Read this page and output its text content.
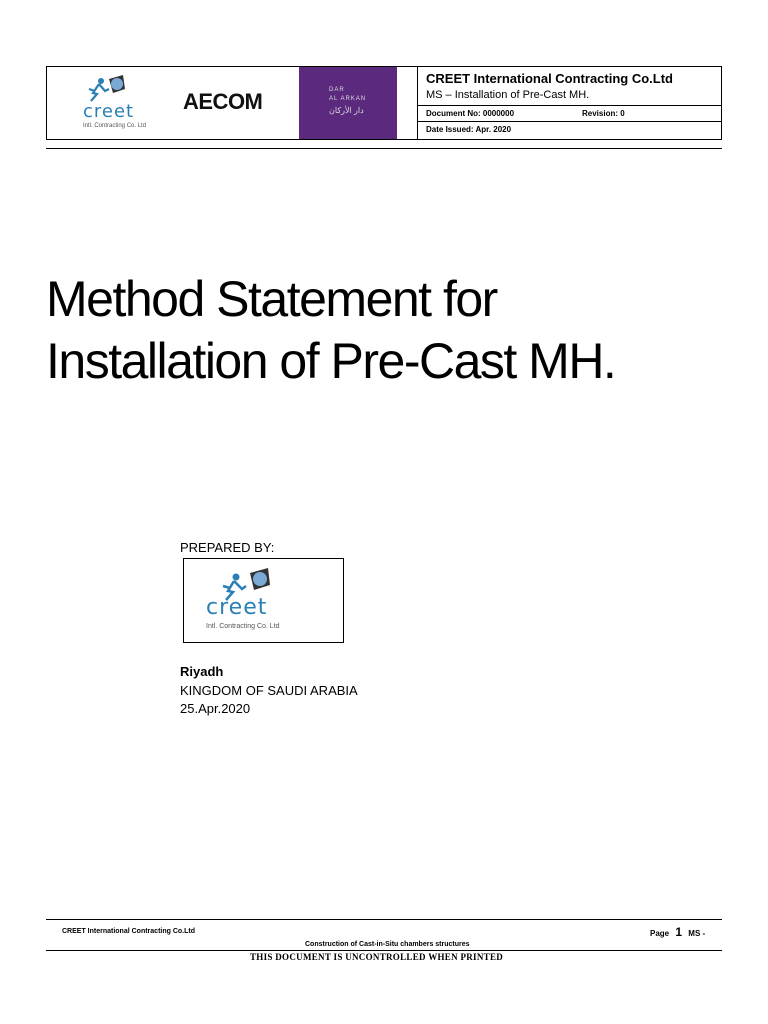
creet
Intl. Contracting Co. Ltd
AECOM	DAR
AL ARKAN
دار الأركان
CREET International Contracting Co.Ltd
MS – Installation of Pre-Cast MH.
Document No: 0000000	Revision: 0
Date Issued: Apr. 2020
Method Statement for
Installation of Pre-Cast MH.
PREPARED BY:
creet
Intl. Contracting Co. Ltd
Riyadh
KINGDOM OF SAUDI ARABIA
25.Apr.2020
CREET International Contracting Co.Ltd	Page 1 MS -
Construction of Cast-in-Situ chambers structures
THIS DOCUMENT IS UNCONTROLLED WHEN PRINTED
